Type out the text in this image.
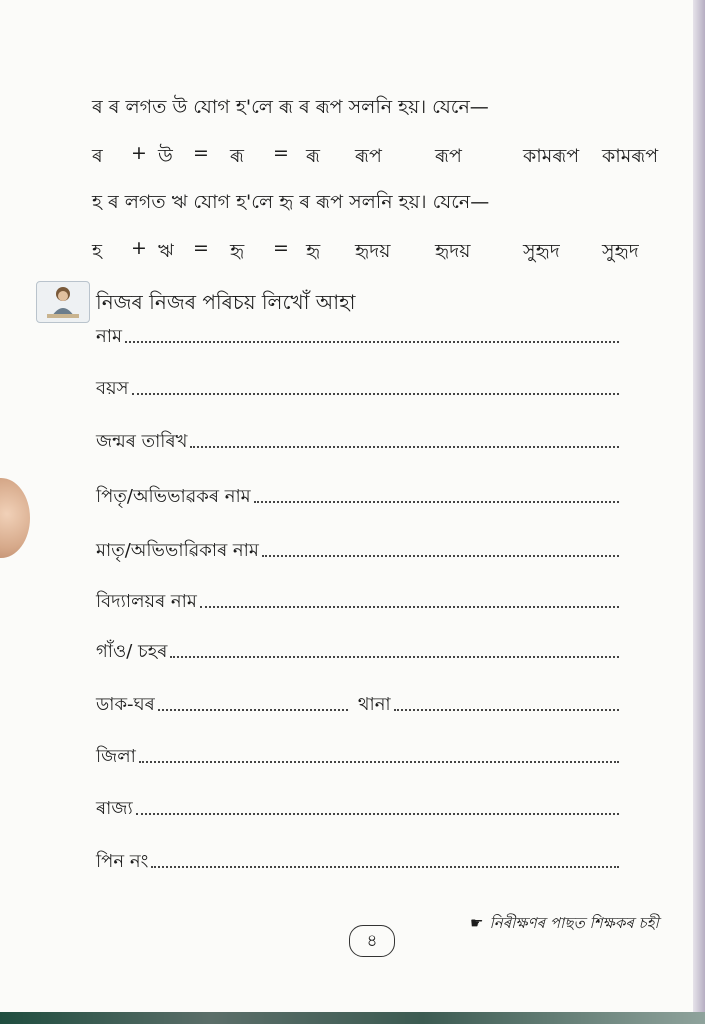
ৰ ৰ লগত উ যোগ হ'লে ৰূ ৰ ৰূপ সলনি হয়। যেনে—
ৰ + উ = ৰূ = ৰূ ৰূপ	ৰূপ	কামৰূপ কামৰূপ
হ ৰ লগত ঋ যোগ হ'লে হৃ ৰ ৰূপ সলনি হয়। যেনে—
হ + ঋ = হৃ = হৃ হৃদয় হৃদয়	সুহৃদ সুহৃদ
নিজৰ নিজৰ পৰিচয় লিখোঁ আহা
নাম
বয়স
জন্মৰ তাৰিখ
পিতৃ/অভিভাৱকৰ নাম
মাতৃ/অভিভাৱিকাৰ নাম
বিদ্যালয়ৰ নাম
গাঁও/ চহৰ
ডাক-ঘৰ	থানা
জিলা
ৰাজ্য
পিন নং
☛ নিৰীক্ষণৰ পাছত শিক্ষকৰ চহী
৪
